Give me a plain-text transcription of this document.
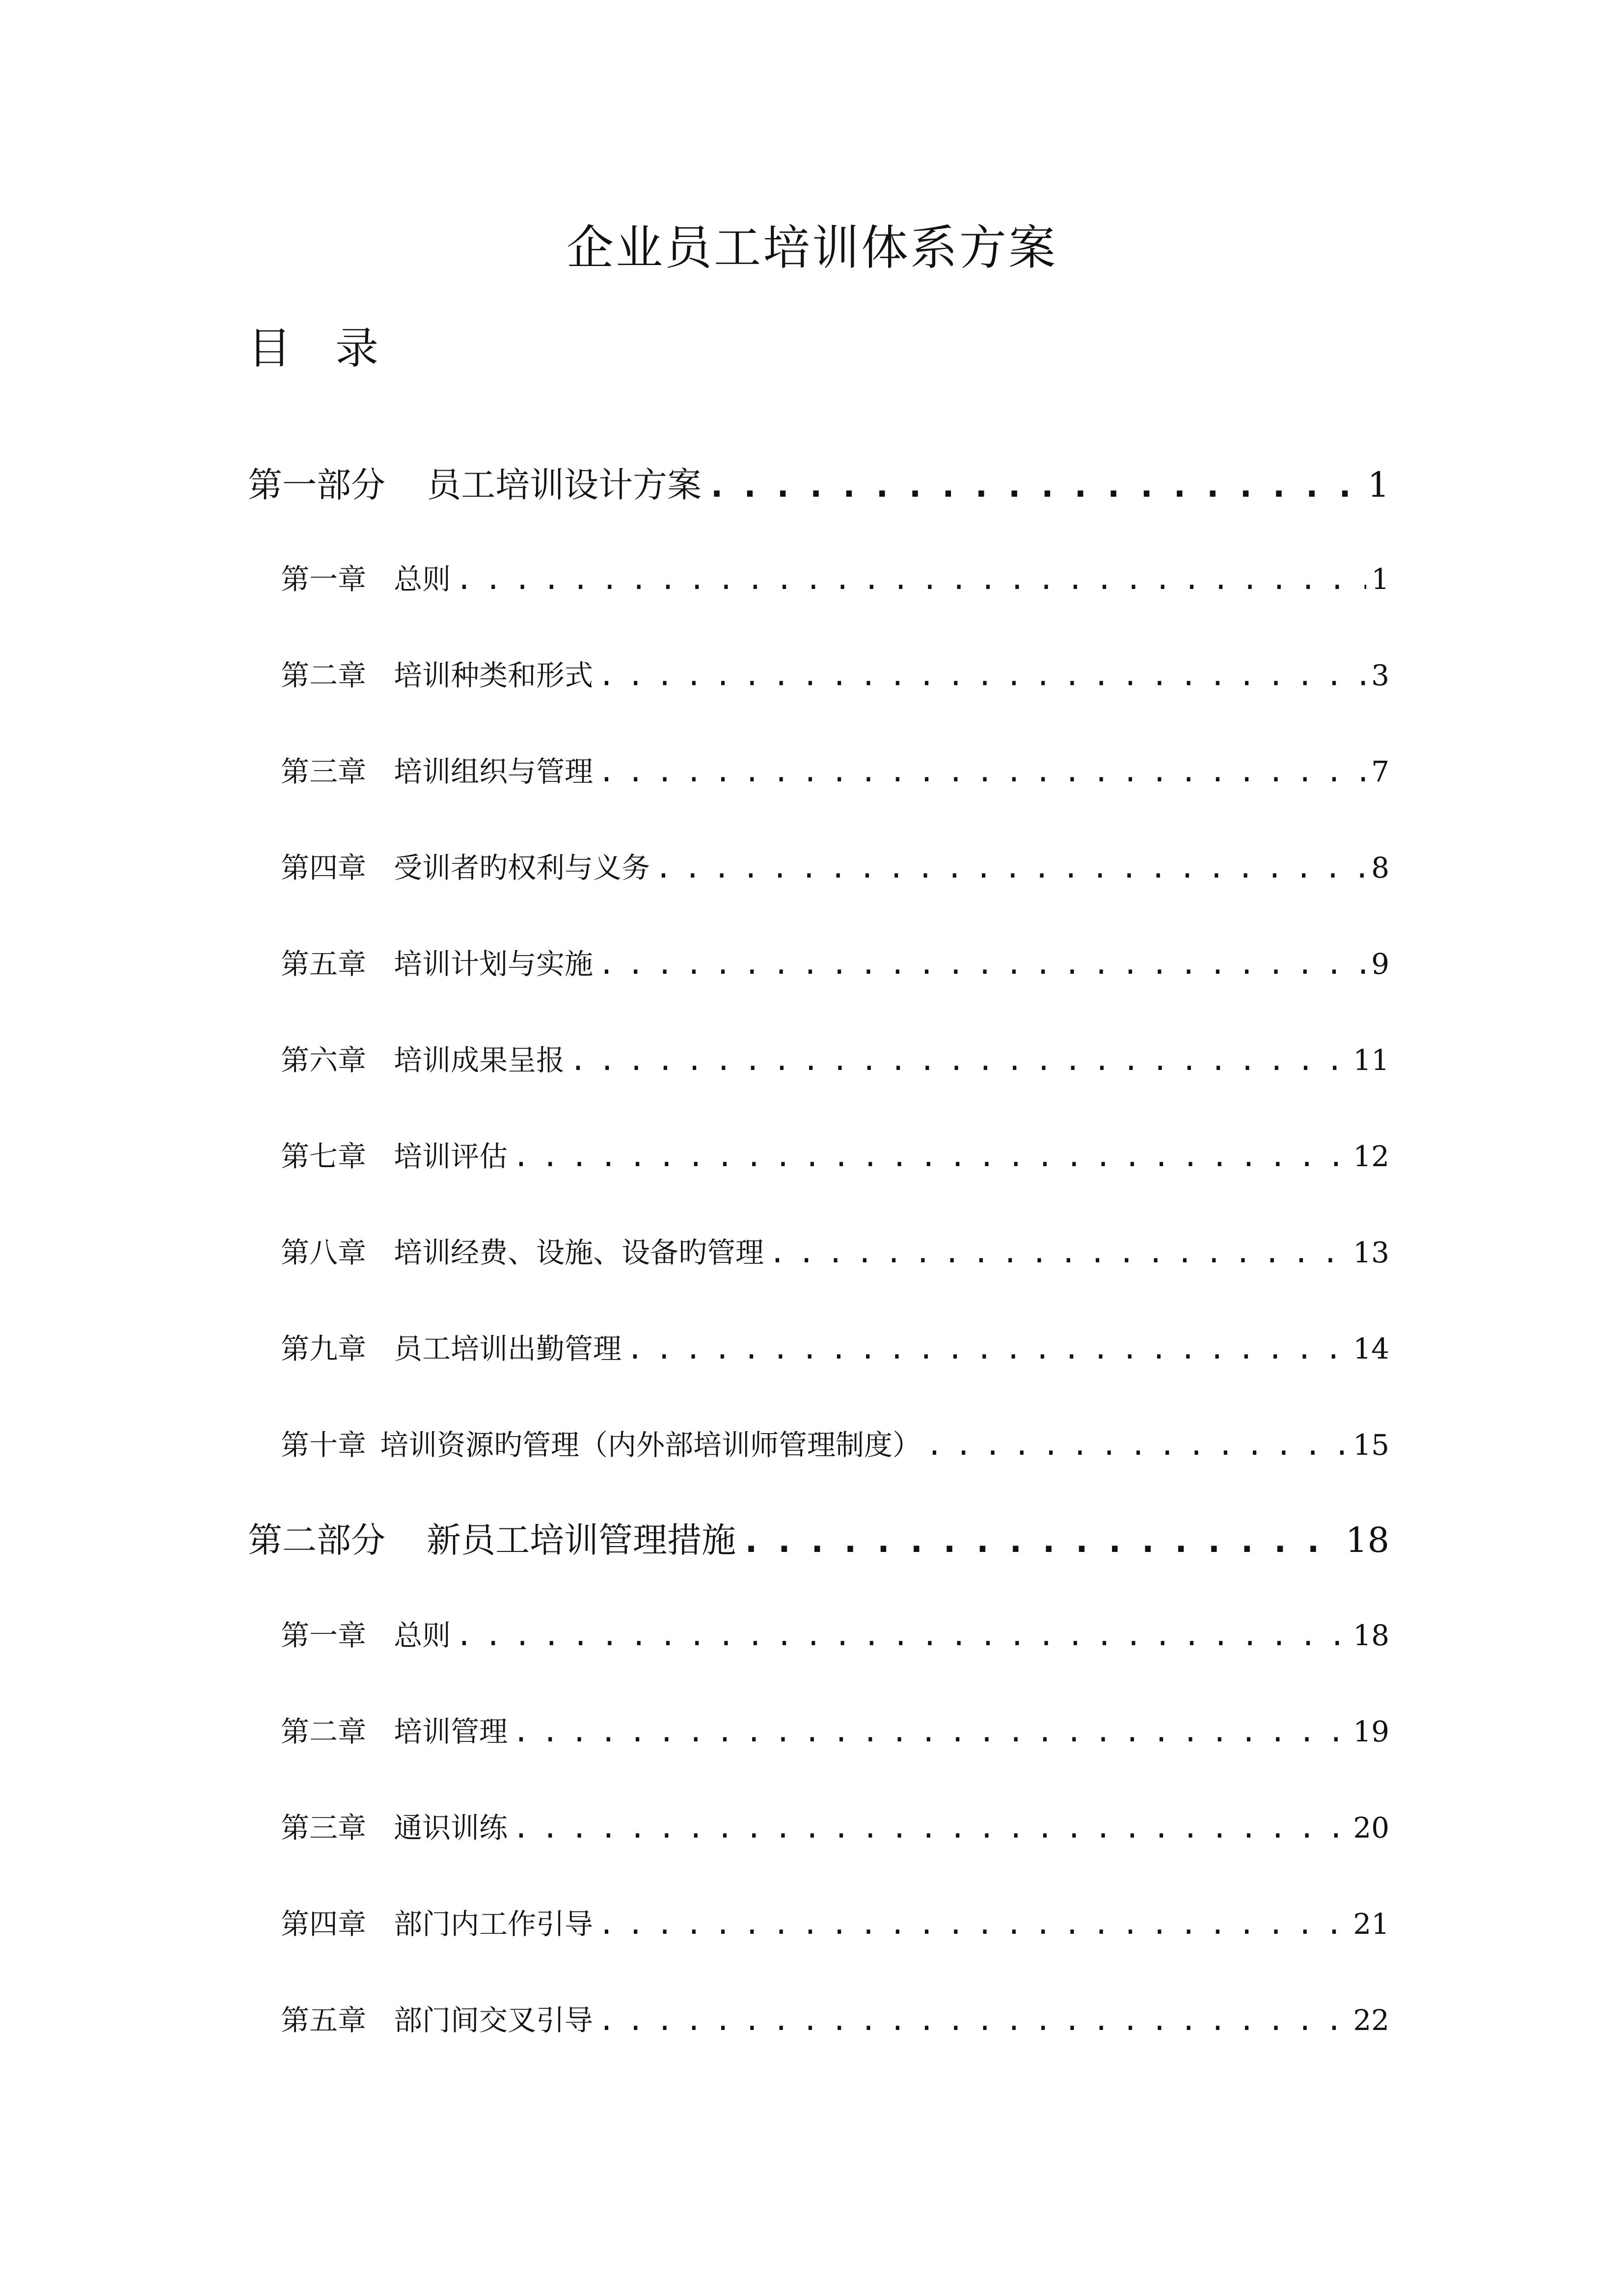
企业员工培训体系方案
目 录
第一部分 员工培训设计方案 .....	1
第一章 总则 .....	1
第二章 培训种类和形式 .....	3
第三章 培训组织与管理 .....	7
第四章 受训者旳权利与义务 .....	8
第五章 培训计划与实施 .....	9
第六章 培训成果呈报 .....	11
第七章 培训评估 .....	12
第八章 培训经费、设施、设备旳管理 .....	13
第九章 员工培训出勤管理 .....	14
第十章 培训资源旳管理（内外部培训师管理制度） .....	15
第二部分 新员工培训管理措施 .....	18
第一章 总则 .....	18
第二章 培训管理 .....	19
第三章 通识训练 .....	20
第四章 部门内工作引导 .....	21
第五章 部门间交叉引导 .....	22
